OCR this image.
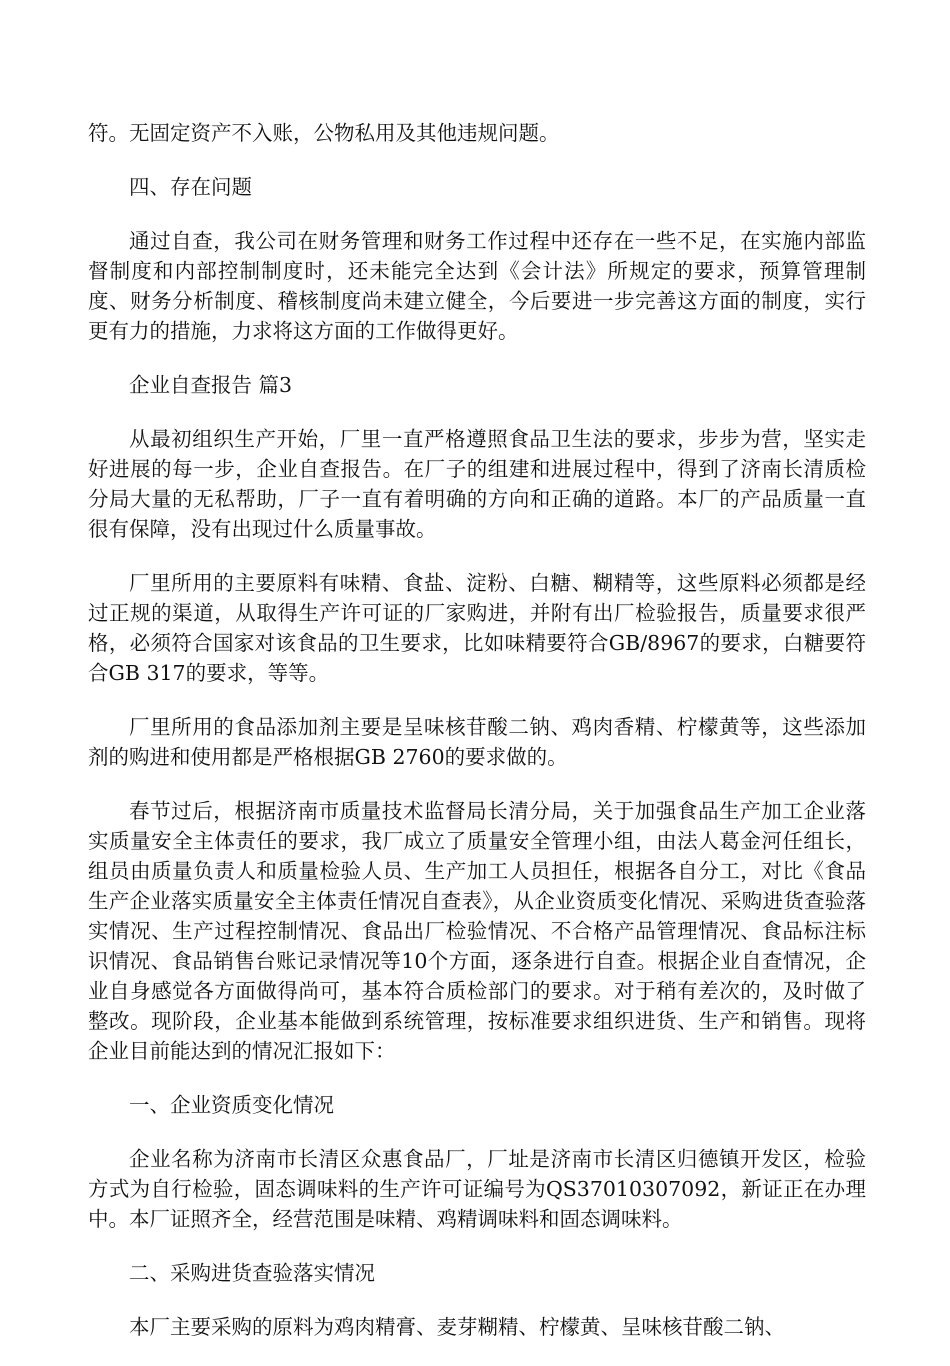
符。无固定资产不入账，公物私用及其他违规问题。

四、存在问题

通过自查，我公司在财务管理和财务工作过程中还存在一些不足，在实施内部监督制度和内部控制制度时，还未能完全达到《会计法》所规定的要求，预算管理制度、财务分析制度、稽核制度尚未建立健全，今后要进一步完善这方面的制度，实行更有力的措施，力求将这方面的工作做得更好。

企业自查报告 篇3

从最初组织生产开始，厂里一直严格遵照食品卫生法的要求，步步为营，坚实走好进展的每一步，企业自查报告。在厂子的组建和进展过程中，得到了济南长清质检分局大量的无私帮助，厂子一直有着明确的方向和正确的道路。本厂的产品质量一直很有保障，没有出现过什么质量事故。

厂里所用的主要原料有味精、食盐、淀粉、白糖、糊精等，这些原料必须都是经过正规的渠道，从取得生产许可证的厂家购进，并附有出厂检验报告，质量要求很严格，必须符合国家对该食品的卫生要求，比如味精要符合GB/8967的要求，白糖要符合GB 317的要求，等等。

厂里所用的食品添加剂主要是呈味核苷酸二钠、鸡肉香精、柠檬黄等，这些添加剂的购进和使用都是严格根据GB 2760的要求做的。

春节过后，根据济南市质量技术监督局长清分局，关于加强食品生产加工企业落实质量安全主体责任的要求，我厂成立了质量安全管理小组，由法人葛金河任组长，组员由质量负责人和质量检验人员、生产加工人员担任，根据各自分工，对比《食品生产企业落实质量安全主体责任情况自查表》，从企业资质变化情况、采购进货查验落实情况、生产过程控制情况、食品出厂检验情况、不合格产品管理情况、食品标注标识情况、食品销售台账记录情况等10个方面，逐条进行自查。根据企业自查情况，企业自身感觉各方面做得尚可，基本符合质检部门的要求。对于稍有差次的，及时做了整改。现阶段，企业基本能做到系统管理，按标准要求组织进货、生产和销售。现将企业目前能达到的情况汇报如下：

一、企业资质变化情况

企业名称为济南市长清区众惠食品厂，厂址是济南市长清区归德镇开发区，检验方式为自行检验，固态调味料的生产许可证编号为QS37010307092，新证正在办理中。本厂证照齐全，经营范围是味精、鸡精调味料和固态调味料。

二、采购进货查验落实情况

本厂主要采购的原料为鸡肉精膏、麦芽糊精、柠檬黄、呈味核苷酸二钠、
